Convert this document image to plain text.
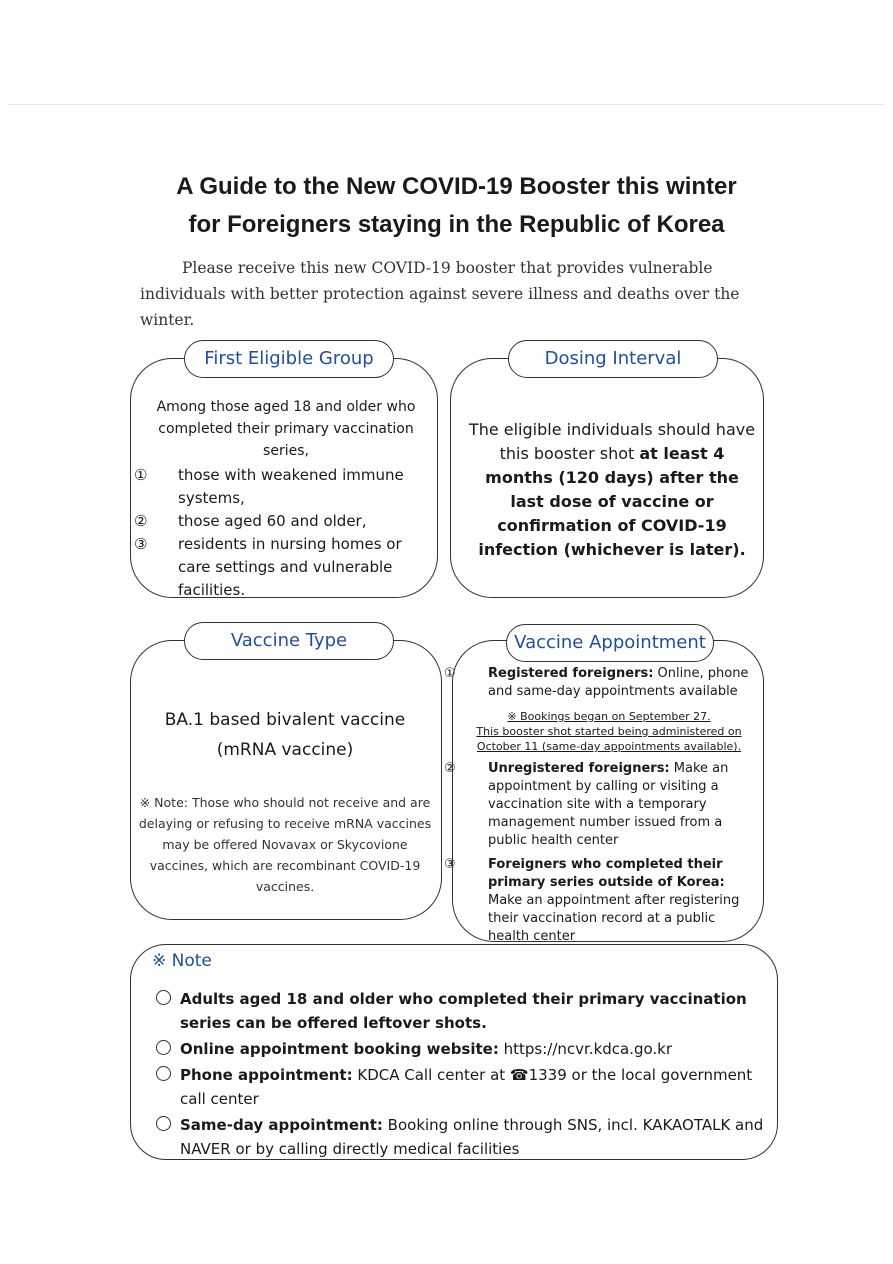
A Guide to the New COVID-19 Booster this winter
for Foreigners staying in the Republic of Korea
Please receive this new COVID-19 booster that provides vulnerable individuals with better protection against severe illness and deaths over the winter.
First Eligible Group
Among those aged 18 and older who completed their primary vaccination series,
① those with weakened immune systems,
② those aged 60 and older,
③ residents in nursing homes or care settings and vulnerable facilities.
Dosing Interval
The eligible individuals should have this booster shot at least 4 months (120 days) after the last dose of vaccine or confirmation of COVID-19 infection (whichever is later).
Vaccine Type
BA.1 based bivalent vaccine
(mRNA vaccine)
※ Note: Those who should not receive and are delaying or refusing to receive mRNA vaccines may be offered Novavax or Skycovione vaccines, which are recombinant COVID-19 vaccines.
Vaccine Appointment
① Registered foreigners: Online, phone and same-day appointments available
※ Bookings began on September 27.
This booster shot started being administered on
October 11 (same-day appointments available).
② Unregistered foreigners: Make an appointment by calling or visiting a vaccination site with a temporary management number issued from a public health center
③ Foreigners who completed their primary series outside of Korea: Make an appointment after registering their vaccination record at a public health center
※ Note
Adults aged 18 and older who completed their primary vaccination series can be offered leftover shots.
Online appointment booking website: https://ncvr.kdca.go.kr
Phone appointment: KDCA Call center at ☎1339 or the local government call center
Same-day appointment: Booking online through SNS, incl. KAKAOTALK and NAVER or by calling directly medical facilities
